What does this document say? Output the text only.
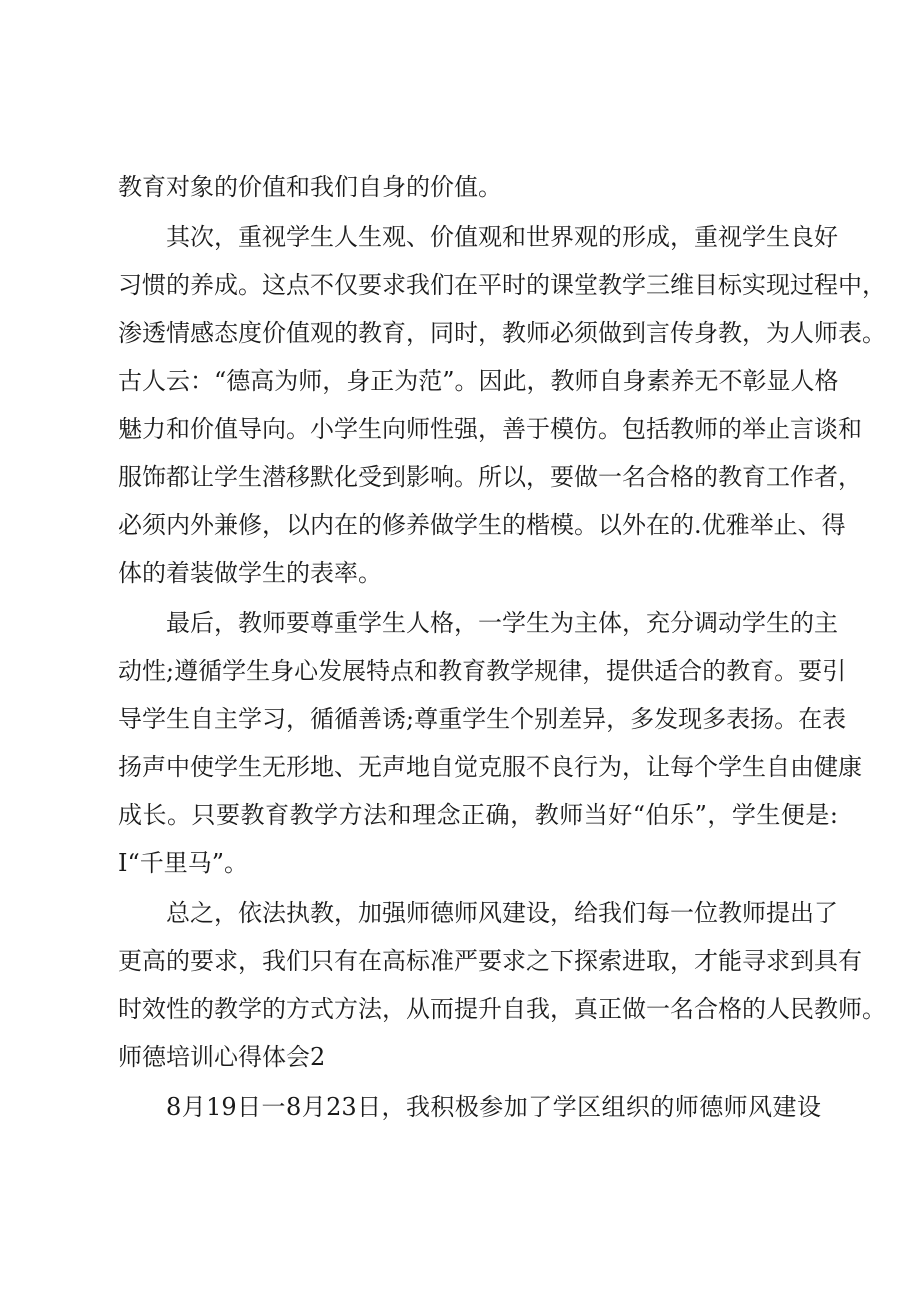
教育对象的价值和我们自身的价值。
其次，重视学生人生观、价值观和世界观的形成，重视学生良好
习惯的养成。这点不仅要求我们在平时的课堂教学三维目标实现过程中，
渗透情感态度价值观的教育，同时，教师必须做到言传身教，为人师表。
古人云：“德高为师，身正为范”。因此，教师自身素养无不彰显人格
魅力和价值导向。小学生向师性强，善于模仿。包括教师的举止言谈和
服饰都让学生潜移默化受到影响。所以，要做一名合格的教育工作者，
必须内外兼修，以内在的修养做学生的楷模。以外在的.优雅举止、得
体的着装做学生的表率。
最后，教师要尊重学生人格，一学生为主体，充分调动学生的主
动性;遵循学生身心发展特点和教育教学规律，提供适合的教育。要引
导学生自主学习，循循善诱;尊重学生个别差异，多发现多表扬。在表
扬声中使学生无形地、无声地自觉克服不良行为，让每个学生自由健康
成长。只要教育教学方法和理念正确，教师当好“伯乐”，学生便是:
I“千里马”。
总之，依法执教，加强师德师风建设，给我们每一位教师提出了
更高的要求，我们只有在高标准严要求之下探索进取，才能寻求到具有
时效性的教学的方式方法，从而提升自我，真正做一名合格的人民教师。
师德培训心得体会2
8月19日一8月23日，我积极参加了学区组织的师德师风建设
